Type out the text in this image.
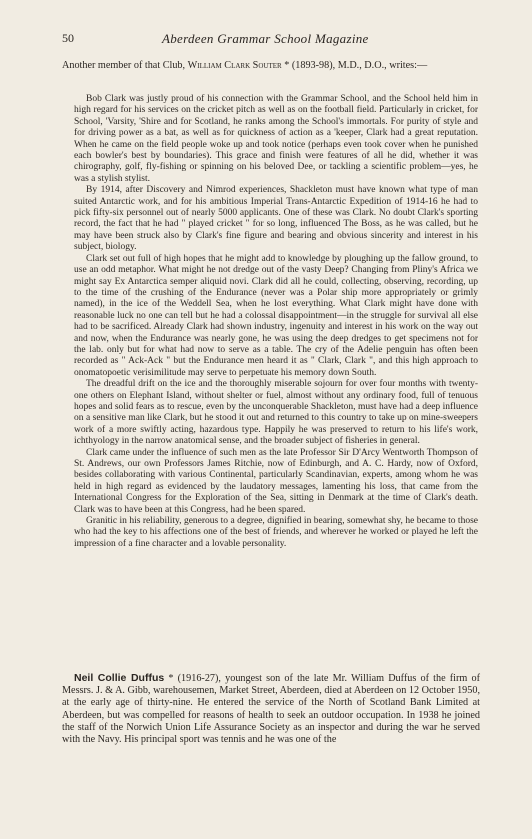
50	Aberdeen Grammar School Magazine
Another member of that Club, William Clark Souter * (1893-98), M.D., D.O., writes:—

Bob Clark was justly proud of his connection with the Grammar School, and the School held him in high regard for his services on the cricket pitch as well as on the football field. Particularly in cricket, for School, 'Varsity, 'Shire and for Scotland, he ranks among the School's immortals. For purity of style and for driving power as a bat, as well as for quickness of action as a 'keeper, Clark had a great reputation. When he came on the field people woke up and took notice (perhaps even took cover when he punished each bowler's best by boundaries). This grace and finish were features of all he did, whether it was chirography, golf, fly-fishing or spinning on his beloved Dee, or tackling a scientific problem—yes, he was a stylish stylist.

By 1914, after Discovery and Nimrod experiences, Shackleton must have known what type of man suited Antarctic work, and for his ambitious Imperial Trans-Antarctic Expedition of 1914-16 he had to pick fifty-six personnel out of nearly 5000 applicants. One of these was Clark. No doubt Clark's sporting record, the fact that he had " played cricket " for so long, influenced The Boss, as he was called, but he may have been struck also by Clark's fine figure and bearing and obvious sincerity and interest in his subject, biology.

Clark set out full of high hopes that he might add to knowledge by ploughing up the fallow ground, to use an odd metaphor. What might he not dredge out of the vasty Deep? Changing from Pliny's Africa we might say Ex Antarctica semper aliquid novi. Clark did all he could, collecting, observing, recording, up to the time of the crushing of the Endurance (never was a Polar ship more appropriately or grimly named), in the ice of the Weddell Sea, when he lost everything. What Clark might have done with reasonable luck no one can tell but he had a colossal disappointment—in the struggle for survival all else had to be sacrificed. Already Clark had shown industry, ingenuity and interest in his work on the way out and now, when the Endurance was nearly gone, he was using the deep dredges to get specimens not for the lab. only but for what had now to serve as a table. The cry of the Adelie penguin has often been recorded as " Ack-Ack " but the Endurance men heard it as " Clark, Clark ", and this high approach to onomatopoetic verisimilitude may serve to perpetuate his memory down South.

The dreadful drift on the ice and the thoroughly miserable sojourn for over four months with twenty-one others on Elephant Island, without shelter or fuel, almost without any ordinary food, full of tenuous hopes and solid fears as to rescue, even by the unconquerable Shackleton, must have had a deep influence on a sensitive man like Clark, but he stood it out and returned to this country to take up on mine-sweepers work of a more swiftly acting, hazardous type. Happily he was preserved to return to his life's work, ichthyology in the narrow anatomical sense, and the broader subject of fisheries in general.

Clark came under the influence of such men as the late Professor Sir D'Arcy Wentworth Thompson of St. Andrews, our own Professors James Ritchie, now of Edinburgh, and A. C. Hardy, now of Oxford, besides collaborating with various Continental, particularly Scandinavian, experts, among whom he was held in high regard as evidenced by the laudatory messages, lamenting his loss, that came from the International Congress for the Exploration of the Sea, sitting in Denmark at the time of Clark's death. Clark was to have been at this Congress, had he been spared.

Granitic in his reliability, generous to a degree, dignified in bearing, somewhat shy, he became to those who had the key to his affections one of the best of friends, and wherever he worked or played he left the impression of a fine character and a lovable personality.

Neil Collie Duffus * (1916-27), youngest son of the late Mr. William Duffus of the firm of Messrs. J. & A. Gibb, warehousemen, Market Street, Aberdeen, died at Aberdeen on 12 October 1950, at the early age of thirty-nine. He entered the service of the North of Scotland Bank Limited at Aberdeen, but was compelled for reasons of health to seek an outdoor occupation. In 1938 he joined the staff of the Norwich Union Life Assurance Society as an inspector and during the war he served with the Navy. His principal sport was tennis and he was one of the
